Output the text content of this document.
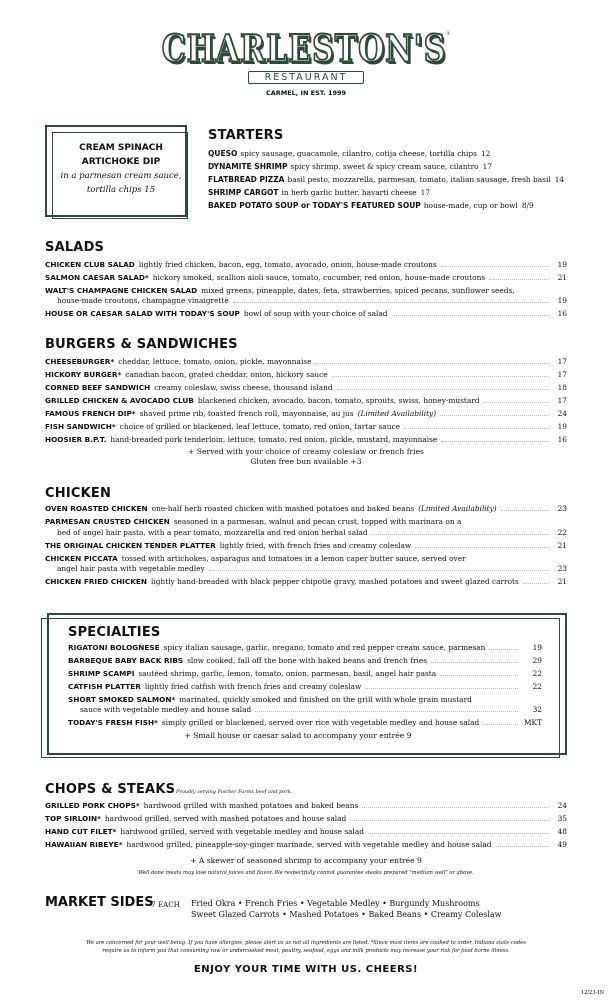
CHARLESTON'S®
RESTAURANT
CARMEL, IN EST. 1999
CREAM SPINACH
ARTICHOKE DIP
in a parmesan cream sauce,
tortilla chips 15
STARTERS
QUESO spicy sausage, guacamole, cilantro, cotija cheese, tortilla chips 12
DYNAMITE SHRIMP spicy shrimp, sweet & spicy cream sauce, cilantro 17
FLATBREAD PIZZA basil pesto, mozzarella, parmesan, tomato, italian sausage, fresh basil 14
SHRIMP CARGOT in herb garlic butter, havarti cheese 17
BAKED POTATO SOUP or TODAY'S FEATURED SOUP house-made, cup or bowl 8/9
SALADS
CHICKEN CLUB SALAD lightly fried chicken, bacon, egg, tomato, avocado, onion, house-made croutons	19
SALMON CAESAR SALAD* hickory smoked, scallion aioli sauce, tomato, cucumber, red onion, house-made croutons	21
WALT'S CHAMPAGNE CHICKEN SALAD mixed greens, pineapple, dates, feta, strawberries, spiced pecans, sunflower seeds,
house-made croutons, champagne vinaigrette	19
HOUSE OR CAESAR SALAD WITH TODAY'S SOUP bowl of soup with your choice of salad	16
BURGERS & SANDWICHES
CHEESEBURGER* cheddar, lettuce, tomato, onion, pickle, mayonnaise	17
HICKORY BURGER* canadian bacon, grated cheddar, onion, hickory sauce	17
CORNED BEEF SANDWICH creamy coleslaw, swiss cheese, thousand island	18
GRILLED CHICKEN & AVOCADO CLUB blackened chicken, avocado, bacon, tomato, sprouts, swiss, honey-mustard	17
FAMOUS FRENCH DIP* shaved prime rib, toasted french roll, mayonnaise, au jus (Limited Availability)	24
FISH SANDWICH* choice of grilled or blackened, leaf lettuce, tomato, red onion, tartar sauce	19
HOOSIER B.P.T. hand-breaded pork tenderloin, lettuce, tomato, red onion, pickle, mustard, mayonnaise	16
+ Served with your choice of creamy coleslaw or french fries
Gluten free bun available +3
CHICKEN
OVEN ROASTED CHICKEN one-half herb roasted chicken with mashed potatoes and baked beans (Limited Availability)	23
PARMESAN CRUSTED CHICKEN seasoned in a parmesan, walnut and pecan crust, topped with marinara on a
bed of angel hair pasta, with a pear tomato, mozzarella and red onion herbal salad	22
THE ORIGINAL CHICKEN TENDER PLATTER lightly fried, with french fries and creamy coleslaw	21
CHICKEN PICCATA tossed with artichokes, asparagus and tomatoes in a lemon caper butter sauce, served over
angel hair pasta with vegetable medley	23
CHICKEN FRIED CHICKEN lightly hand-breaded with black pepper chipotle gravy, mashed potatoes and sweet glazed carrots	21
SPECIALTIES
RIGATONI BOLOGNESE spicy italian sausage, garlic, oregano, tomato and red pepper cream sauce, parmesan	19
BARBEQUE BABY BACK RIBS slow cooked, fall off the bone with baked beans and french fries	29
SHRIMP SCAMPI sautéed shrimp, garlic, lemon, tomato, onion, parmesan, basil, angel hair pasta	22
CATFISH PLATTER lightly fried catfish with french fries and creamy coleslaw	22
SHORT SMOKED SALMON* marinated, quickly smoked and finished on the grill with whole grain mustard
sauce with vegetable medley and house salad	32
TODAY'S FRESH FISH* simply grilled or blackened, served over rice with vegetable medley and house salad	MKT
+ Small house or caesar salad to accompany your entrée 9
CHOPS & STEAKS Proudly serving Fischer Farms beef and pork.
GRILLED PORK CHOPS* hardwood grilled with mashed potatoes and baked beans	24
TOP SIRLOIN* hardwood grilled, served with mashed potatoes and house salad	35
HAND CUT FILET* hardwood grilled, served with vegetable medley and house salad	48
HAWAIIAN RIBEYE* hardwood grilled, pineapple-soy-ginger marinade, served with vegetable medley and house salad	49
+ A skewer of seasoned shrimp to accompany your entrée 9
Well done meats may lose natural juices and flavor. We respectfully cannot guarantee steaks prepared "medium well" or above.
MARKET SIDES
7 EACH Fried Okra • French Fries • Vegetable Medley • Burgundy Mushrooms
Sweet Glazed Carrots • Mashed Potatoes • Baked Beans • Creamy Coleslaw
We are concerned for your well being. If you have allergies, please alert us as not all ingredients are listed. *Since most items are cooked to order, Indiana state codes
require us to inform you that consuming raw or undercooked meat, poultry, seafood, eggs and milk products may increase your risk for food borne illness.
ENJOY YOUR TIME WITH US. CHEERS!
12/23-IN
